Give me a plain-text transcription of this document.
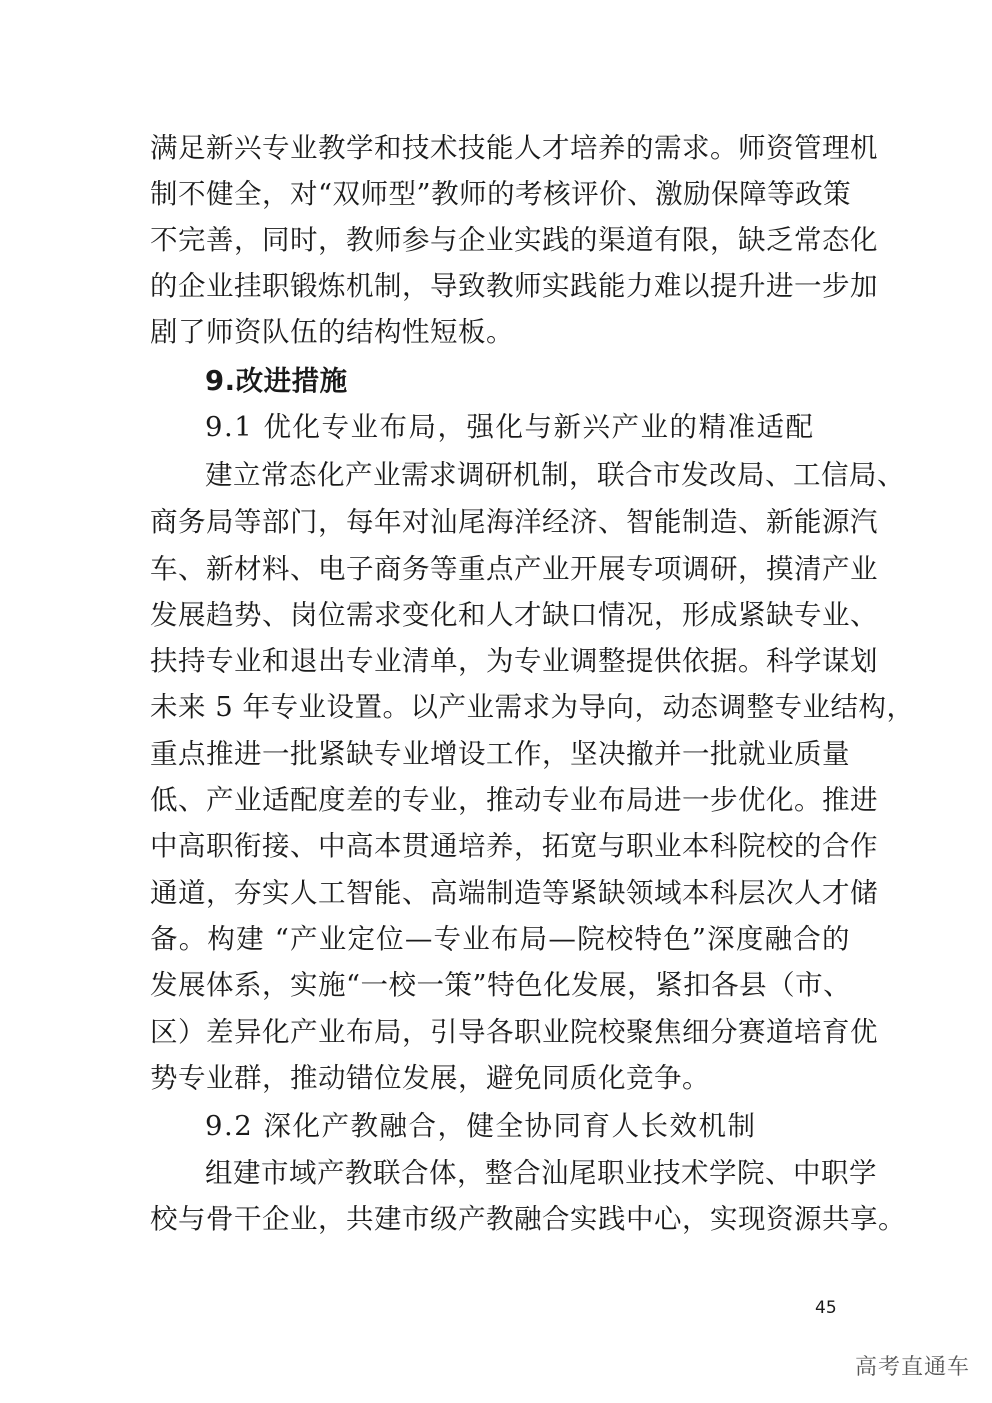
满足新兴专业教学和技术技能人才培养的需求。师资管理机
制不健全，对“双师型”教师的考核评价、激励保障等政策
不完善，同时，教师参与企业实践的渠道有限，缺乏常态化
的企业挂职锻炼机制，导致教师实践能力难以提升进一步加
剧了师资队伍的结构性短板。
9.改进措施
9.1 优化专业布局，强化与新兴产业的精准适配
建立常态化产业需求调研机制，联合市发改局、工信局、
商务局等部门，每年对汕尾海洋经济、智能制造、新能源汽
车、新材料、电子商务等重点产业开展专项调研，摸清产业
发展趋势、岗位需求变化和人才缺口情况，形成紧缺专业、
扶持专业和退出专业清单，为专业调整提供依据。科学谋划
未来 5 年专业设置。以产业需求为导向，动态调整专业结构，
重点推进一批紧缺专业增设工作，坚决撤并一批就业质量
低、产业适配度差的专业，推动专业布局进一步优化。推进
中高职衔接、中高本贯通培养，拓宽与职业本科院校的合作
通道，夯实人工智能、高端制造等紧缺领域本科层次人才储
备。构建 “产业定位—专业布局—院校特色”深度融合的
发展体系，实施“一校一策”特色化发展，紧扣各县（市、
区）差异化产业布局，引导各职业院校聚焦细分赛道培育优
势专业群，推动错位发展，避免同质化竞争。
9.2 深化产教融合，健全协同育人长效机制
组建市域产教联合体，整合汕尾职业技术学院、中职学
校与骨干企业，共建市级产教融合实践中心，实现资源共享。
45
高考直通车
